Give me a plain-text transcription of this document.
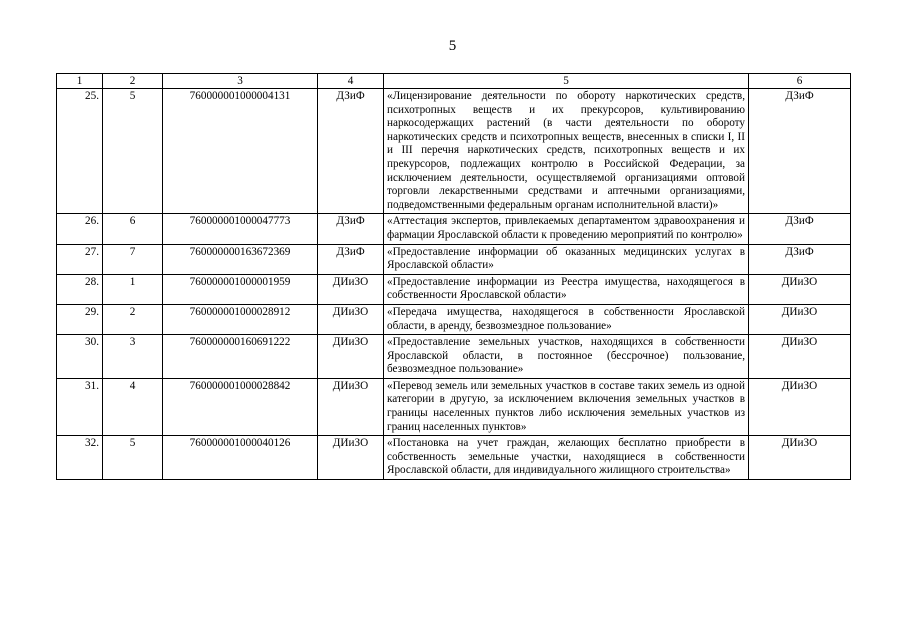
5
1	2	3	4	5	6
25.	5	760000001000004131	ДЗиФ	«Лицензирование деятельности по обороту наркотических средств, психотропных веществ и их прекурсоров, культивированию наркосодержащих растений (в части деятельности по обороту наркотических средств и психотропных веществ, внесенных в списки I, II и III перечня наркотических средств, психотропных веществ и их прекурсоров, подлежащих контролю в Российской Федерации, за исключением деятельности, осуществляемой организациями оптовой торговли лекарственными средствами и аптечными организациями, подведомственными федеральным органам исполнительной власти)»	ДЗиФ
26.	6	760000001000047773	ДЗиФ	«Аттестация экспертов, привлекаемых департаментом здравоохранения и фармации Ярославской области к проведению мероприятий по контролю»	ДЗиФ
27.	7	760000000163672369	ДЗиФ	«Предоставление информации об оказанных медицинских услугах в Ярославской области»	ДЗиФ
28.	1	760000001000001959	ДИиЗО	«Предоставление информации из Реестра имущества, находящегося в собственности Ярославской области»	ДИиЗО
29.	2	760000001000028912	ДИиЗО	«Передача имущества, находящегося в собственности Ярославской области, в аренду, безвозмездное пользование»	ДИиЗО
30.	3	760000000160691222	ДИиЗО	«Предоставление земельных участков, находящихся в собственности Ярославской области, в постоянное (бессрочное) пользование, безвозмездное пользование»	ДИиЗО
31.	4	760000001000028842	ДИиЗО	«Перевод земель или земельных участков в составе таких земель из одной категории в другую, за исключением включения земельных участков в границы населенных пунктов либо исключения земельных участков из границ населенных пунктов»	ДИиЗО
32.	5	760000001000040126	ДИиЗО	«Постановка на учет граждан, желающих бесплатно приобрести в собственность земельные участки, находящиеся в собственности Ярославской области, для индивидуального жилищного строительства»	ДИиЗО
